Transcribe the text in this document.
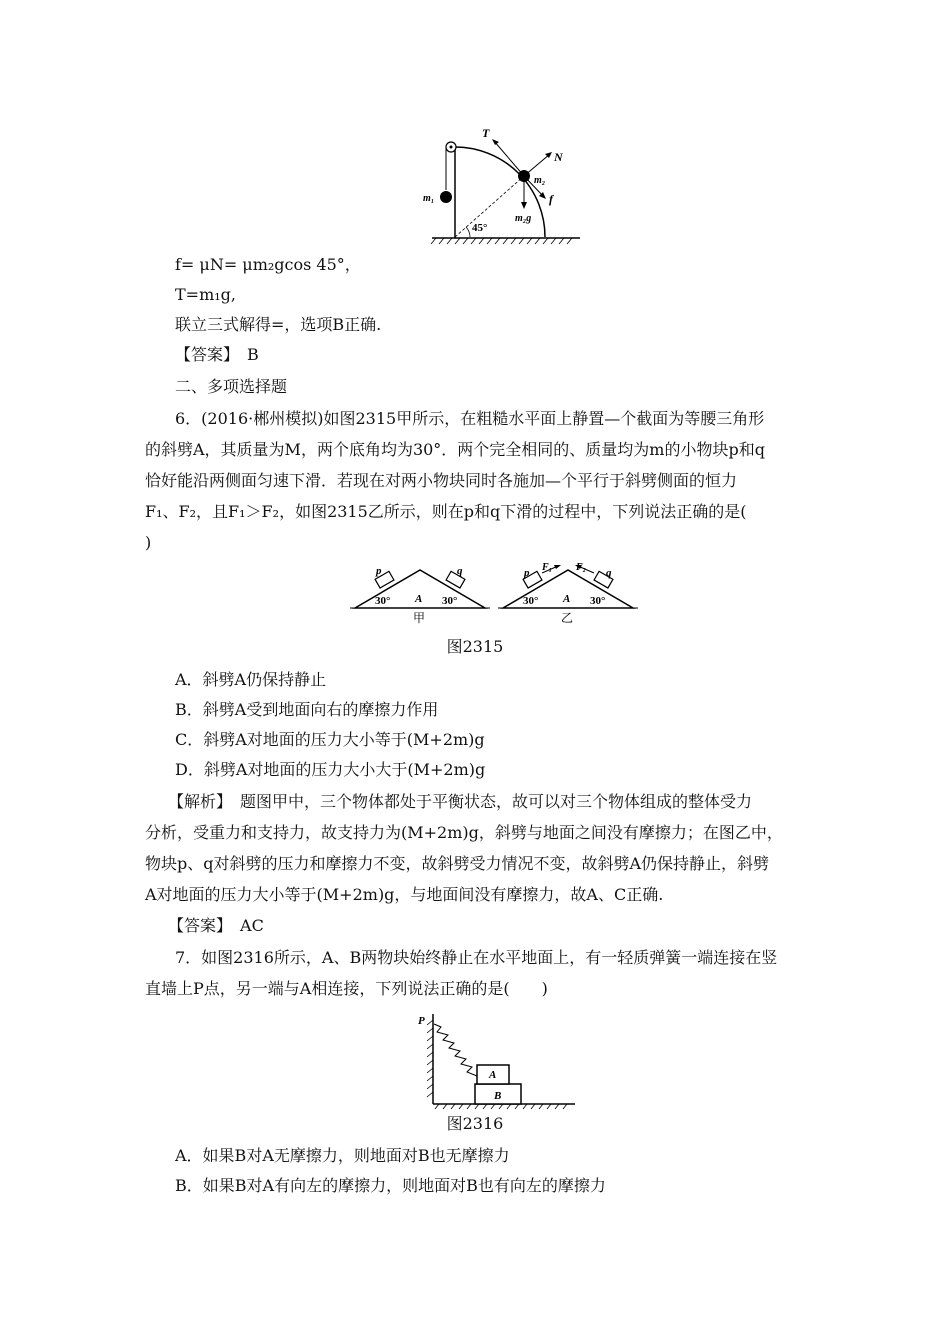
T
N
m₁
m₂
f
m₂g
45°
f= μN= μm₂gcos 45°，
T=m₁g,
联立三式解得=，选项B正确.
【答案】　 B
二、多项选择题
6．(2016·郴州模拟)如图2315甲所示，在粗糙水平面上静置—个截面为等腰三角形
的斜劈A，其质量为M，两个底角均为30°．两个完全相同的、质量均为m的小物块p和q
恰好能沿两侧面匀速下滑．若现在对两小物块同时各施加—个平行于斜劈侧面的恒力
F₁、F₂，且F₁＞F₂，如图2315乙所示，则在p和q下滑的过程中，下列说法正确的是(
)
p	q
A
30°	30°
甲
p	q
F₁ F₂
A
30°	30°
乙
图2315
A．斜劈A仍保持静止
B．斜劈A受到地面向右的摩擦力作用
C．斜劈A对地面的压力大小等于(M+2m)g
D．斜劈A对地面的压力大小大于(M+2m)g
【解析】　 题图甲中，三个物体都处于平衡状态，故可以对三个物体组成的整体受力
分析，受重力和支持力，故支持力为(M+2m)g，斜劈与地面之间没有摩擦力；在图乙中，
物块p、q对斜劈的压力和摩擦力不变，故斜劈受力情况不变，故斜劈A仍保持静止，斜劈
A对地面的压力大小等于(M+2m)g，与地面间没有摩擦力，故A、C正确.
【答案】　 AC
7．如图2316所示，A、B两物块始终静止在水平地面上，有一轻质弹簧一端连接在竖
直墙上P点，另一端与A相连接，下列说法正确的是(　　)
P
A
B
图2316
A．如果B对A无摩擦力，则地面对B也无摩擦力
B．如果B对A有向左的摩擦力，则地面对B也有向左的摩擦力
